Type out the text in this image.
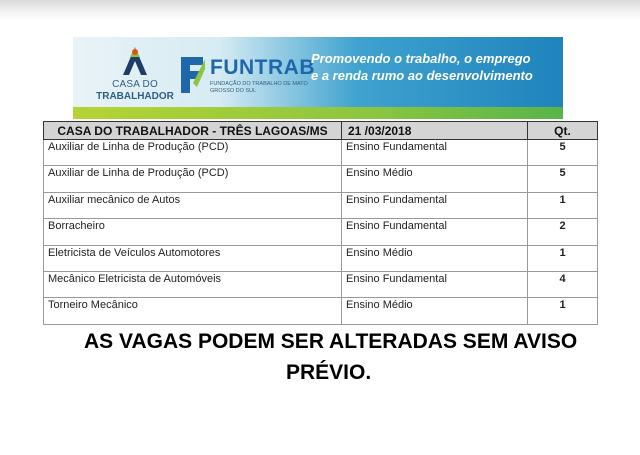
CASA DO
TRABALHADOR
FUNTRAB
FUNDAÇÃO DO TRABALHO DE MATO GROSSO DO SUL
Promovendo o trabalho, o emprego
e a renda rumo ao desenvolvimento
CASA DO TRABALHADOR - TRÊS LAGOAS/MS	21 /03/2018	Qt.
Auxiliar de Linha de Produção (PCD)	Ensino Fundamental	5
Auxiliar de Linha de Produção (PCD)	Ensino Médio	5
Auxiliar mecânico de Autos	Ensino Fundamental	1
Borracheiro	Ensino Fundamental	2
Eletricista de Veículos Automotores	Ensino Médio	1
Mecânico Eletricista de Automóveis	Ensino Fundamental	4
Torneiro Mecânico	Ensino Médio	1
AS VAGAS PODEM SER ALTERADAS SEM AVISO
PRÉVIO.
